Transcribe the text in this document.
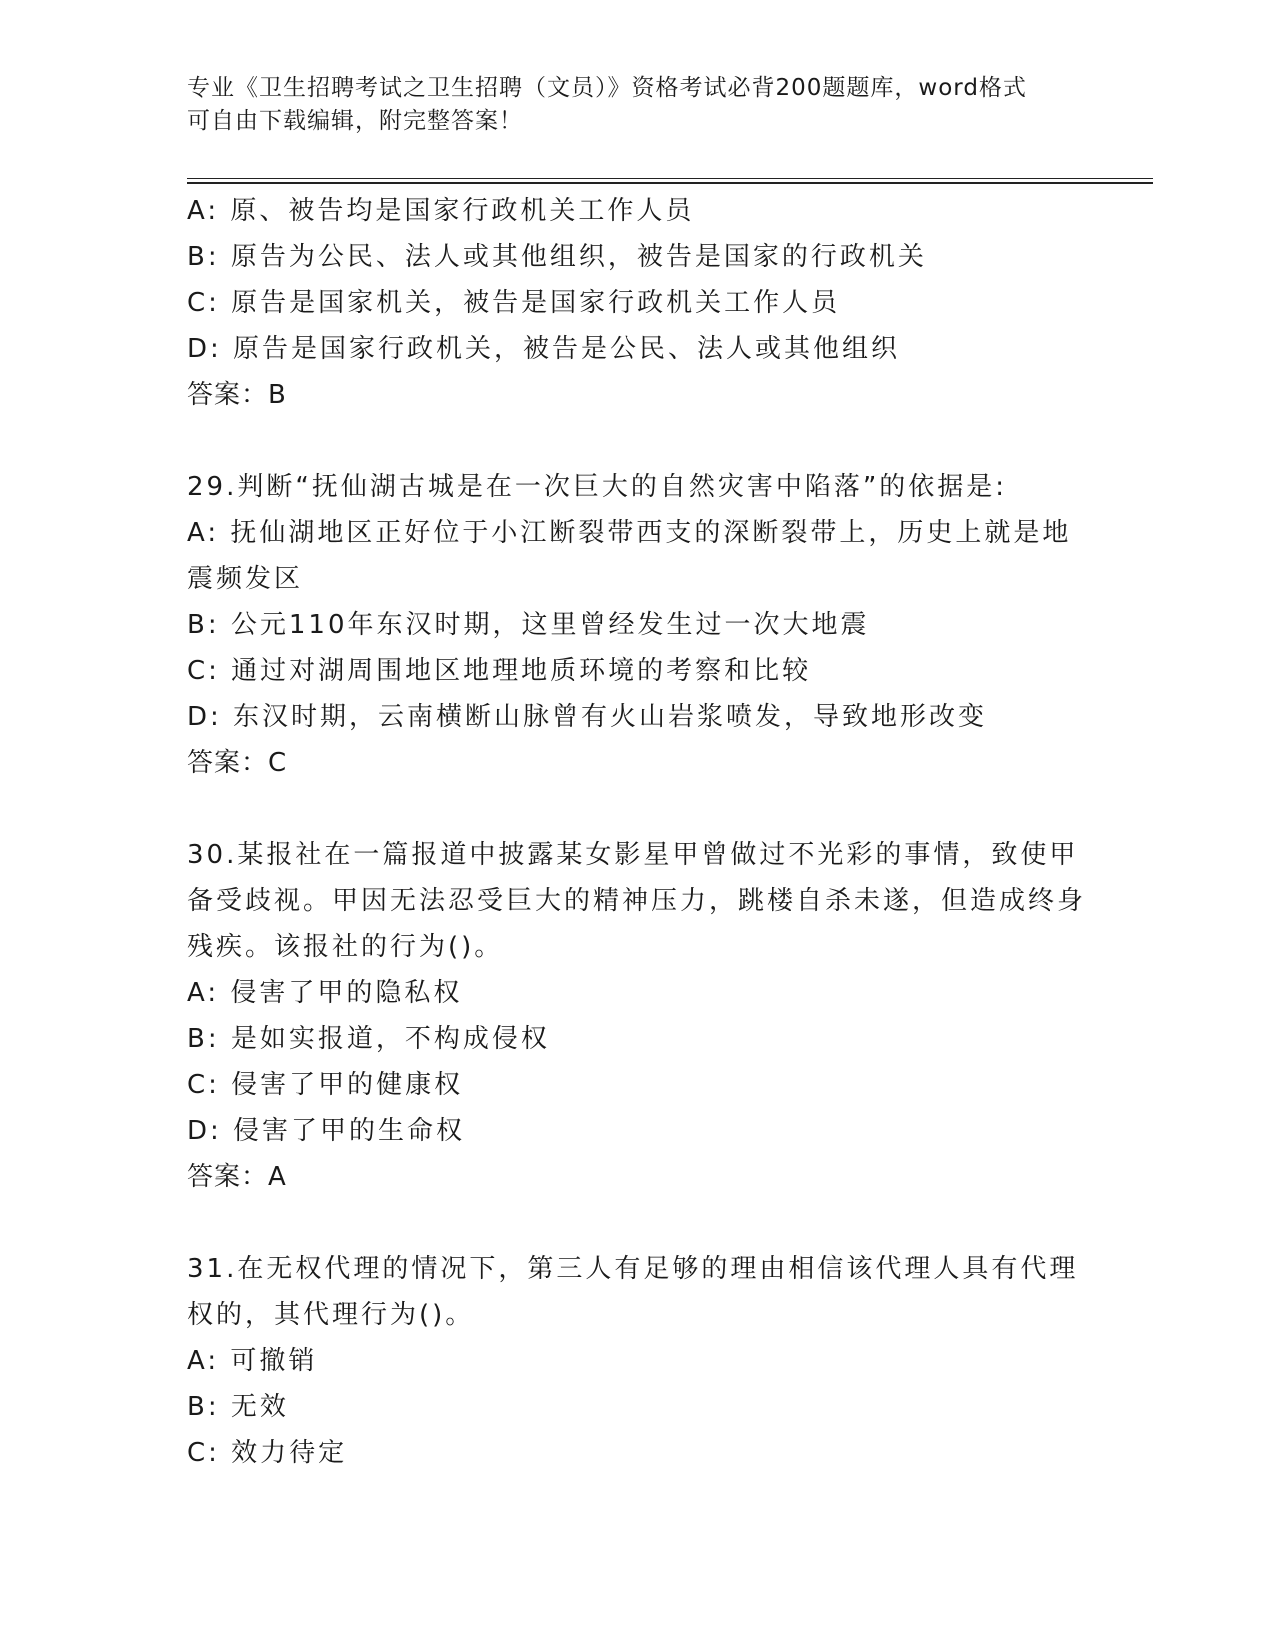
专业《卫生招聘考试之卫生招聘（文员）》资格考试必背200题题库，word格式
可自由下载编辑，附完整答案！
A: 原、被告均是国家行政机关工作人员
B: 原告为公民、法人或其他组织，被告是国家的行政机关
C: 原告是国家机关，被告是国家行政机关工作人员
D: 原告是国家行政机关，被告是公民、法人或其他组织
答案：B
29.判断“抚仙湖古城是在一次巨大的自然灾害中陷落”的依据是:
A: 抚仙湖地区正好位于小江断裂带西支的深断裂带上，历史上就是地震频发区
B: 公元110年东汉时期，这里曾经发生过一次大地震
C: 通过对湖周围地区地理地质环境的考察和比较
D: 东汉时期，云南横断山脉曾有火山岩浆喷发，导致地形改变
答案：C
30.某报社在一篇报道中披露某女影星甲曾做过不光彩的事情，致使甲备受歧视。甲因无法忍受巨大的精神压力，跳楼自杀未遂，但造成终身残疾。该报社的行为()。
A: 侵害了甲的隐私权
B: 是如实报道，不构成侵权
C: 侵害了甲的健康权
D: 侵害了甲的生命权
答案：A
31.在无权代理的情况下，第三人有足够的理由相信该代理人具有代理权的，其代理行为()。
A: 可撤销
B: 无效
C: 效力待定
